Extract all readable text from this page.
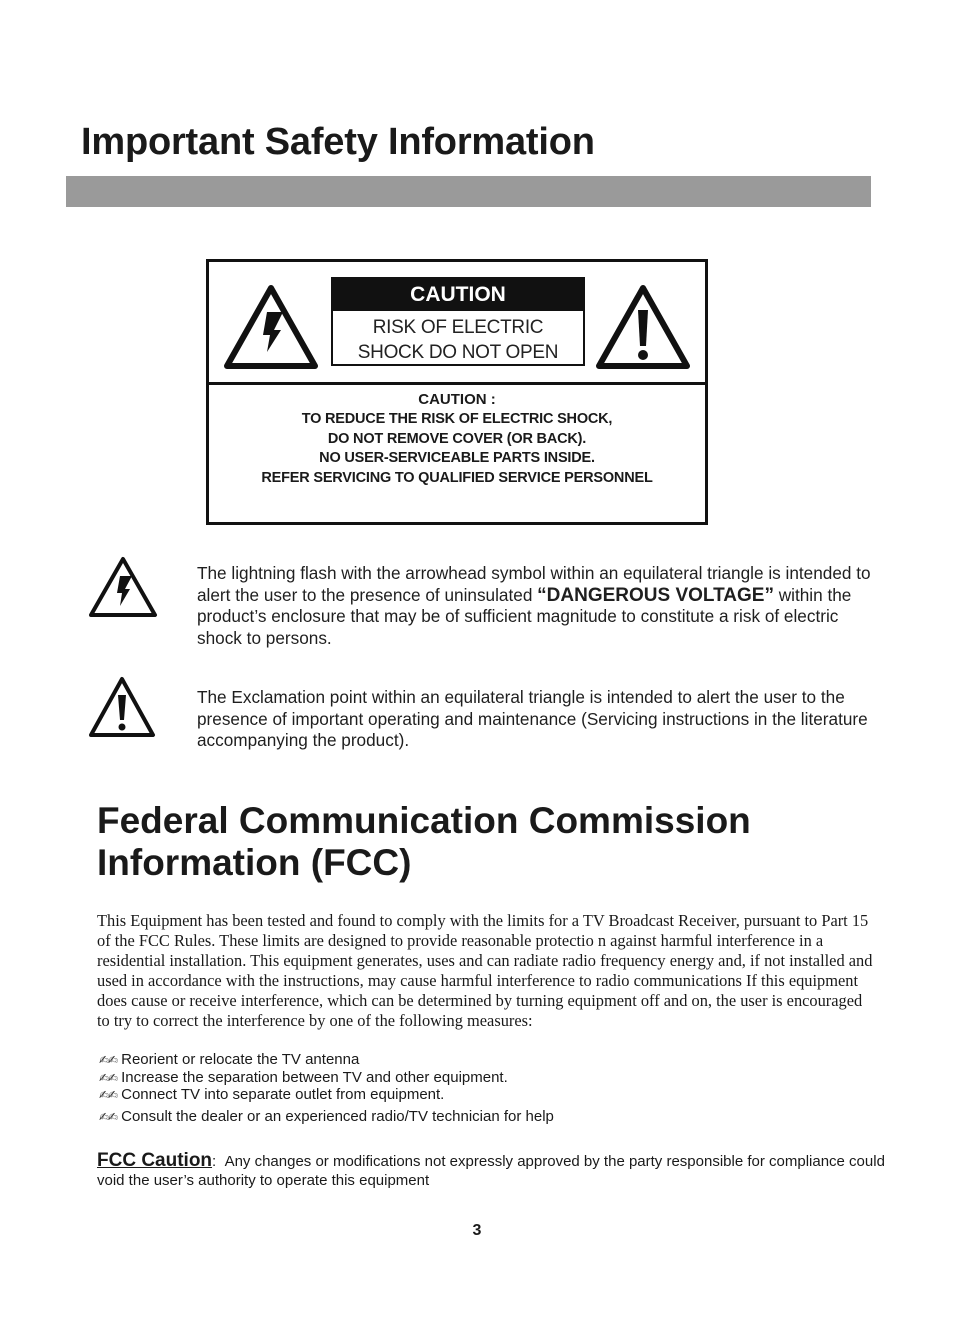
Important Safety Information
CAUTION
RISK OF ELECTRIC
SHOCK DO NOT OPEN
CAUTION :
TO REDUCE THE RISK OF ELECTRIC SHOCK,
DO NOT REMOVE COVER (OR BACK).
NO USER-SERVICEABLE PARTS INSIDE.
REFER SERVICING TO QUALIFIED SERVICE PERSONNEL
The lightning flash with the arrowhead symbol within an equilateral triangle is intended to alert the user to the presence of uninsulated “DANGEROUS VOLTAGE” within the product’s enclosure that may be of sufficient magnitude to constitute a risk of electric shock to persons.
The Exclamation point within an equilateral triangle is intended to alert the user to the presence of important operating and maintenance (Servicing instructions in the literature accompanying the product).
Federal Communication Commission
Information (FCC)
This Equipment has been tested and found to comply with the limits for a TV Broadcast Receiver, pursuant to Part 15 of the FCC Rules. These limits are designed to provide reasonable protectio n against harmful interference in a residential installation. This equipment generates, uses and can radiate radio frequency energy and, if not installed and used in accordance with the instructions, may cause harmful interference to radio communications If this equipment does cause or receive interference, which can be determined by turning equipment off and on, the user is encouraged to try to correct the interference by one of the following measures:
✍✍ Reorient or relocate the TV antenna
✍✍ Increase the separation between TV and other equipment.
✍✍ Connect TV into separate outlet from equipment.
✍✍ Consult the dealer or an experienced radio/TV technician for help
FCC Caution: Any changes or modifications not expressly approved by the party responsible for compliance could void the user’s authority to operate this equipment
3
